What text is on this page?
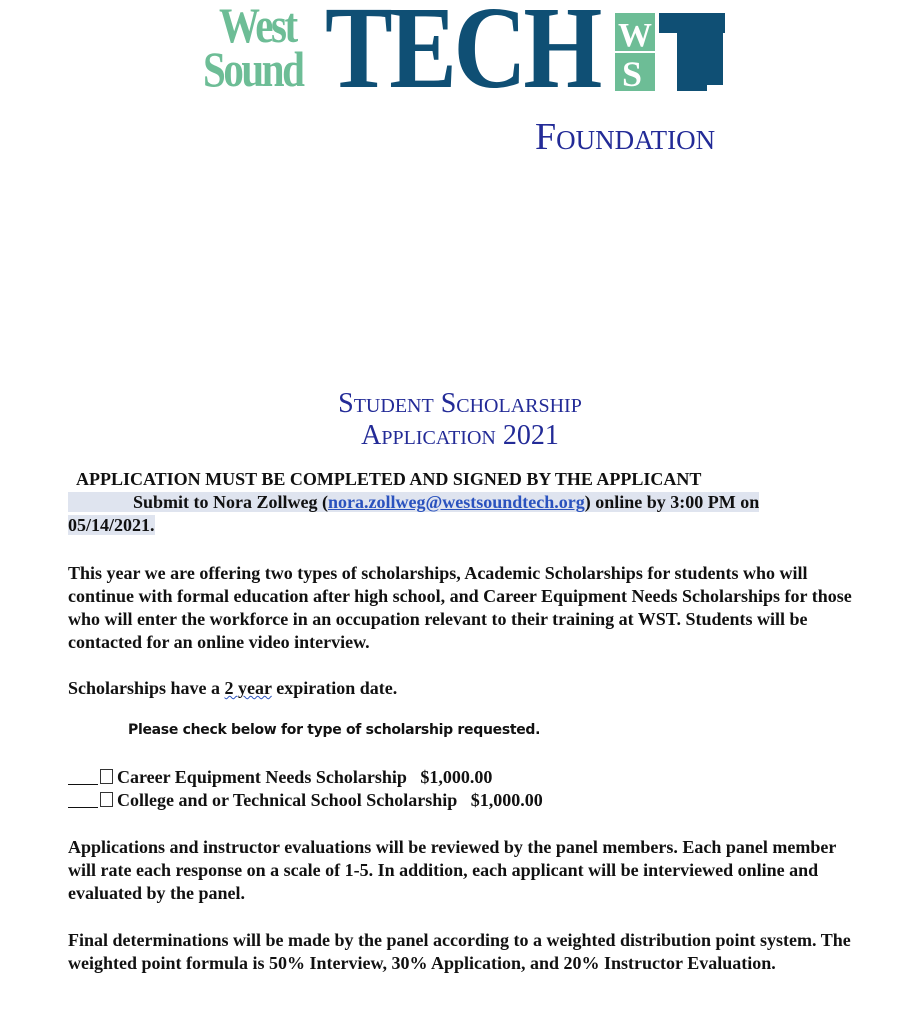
West
Sound TECH W
S
Foundation
Student Scholarship
Application 2021

APPLICATION MUST BE COMPLETED AND SIGNED BY THE APPLICANT

Submit to Nora Zollweg (nora.zollweg@westsoundtech.org) online by 3:00 PM on
05/14/2021.

This year we are offering two types of scholarships, Academic Scholarships for students who will continue with formal education after high school, and Career Equipment Needs Scholarships for those who will enter the workforce in an occupation relevant to their training at WST. Students will be contacted for an online video interview.

Scholarships have a 2 year expiration date.

Please check below for type of scholarship requested.

Career Equipment Needs Scholarship $1,000.00

College and or Technical School Scholarship $1,000.00

Applications and instructor evaluations will be reviewed by the panel members. Each panel member will rate each response on a scale of 1-5. In addition, each applicant will be interviewed online and evaluated by the panel.

Final determinations will be made by the panel according to a weighted distribution point system. The weighted point formula is 50% Interview, 30% Application, and 20% Instructor Evaluation.
